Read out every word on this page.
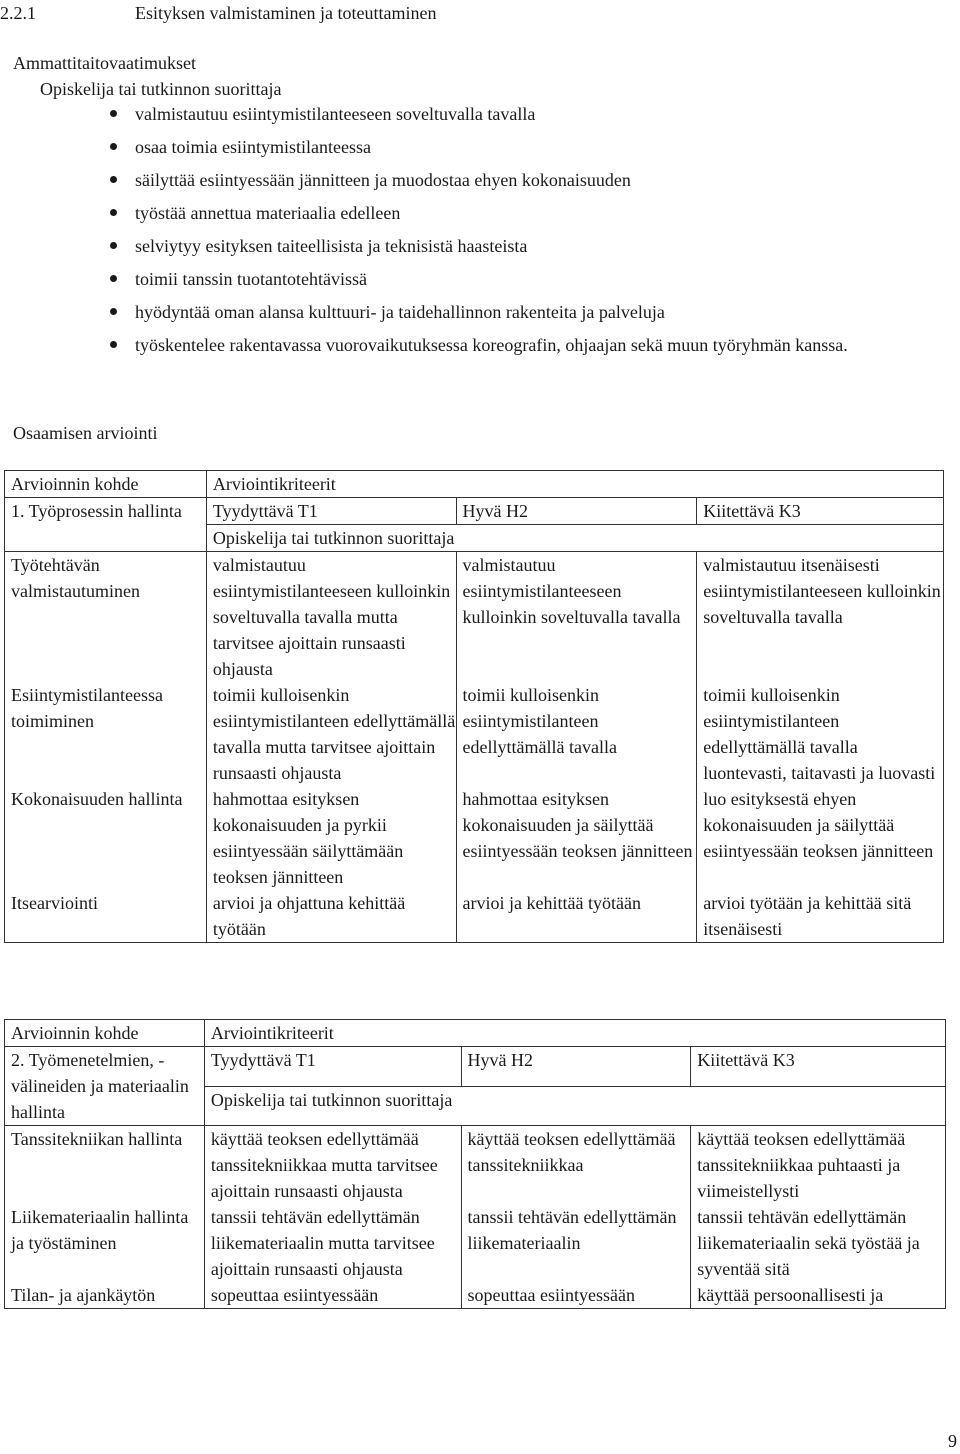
2.2.1	Esityksen valmistaminen ja toteuttaminen
Ammattitaitovaatimukset
Opiskelija tai tutkinnon suorittaja
valmistautuu esiintymistilanteeseen soveltuvalla tavalla
osaa toimia esiintymistilanteessa
säilyttää esiintyessään jännitteen ja muodostaa ehyen kokonaisuuden
työstää annettua materiaalia edelleen
selviytyy esityksen taiteellisista ja teknisistä haasteista
toimii tanssin tuotantotehtävissä
hyödyntää oman alansa kulttuuri- ja taidehallinnon rakenteita ja palveluja
työskentelee rakentavassa vuorovaikutuksessa koreografin, ohjaajan sekä muun työryhmän kanssa.
Osaamisen arviointi
Arvioinnin kohde	Arviointikriteerit		
1. Työprosessin hallinta	Tyydyttävä T1	Hyvä H2	Kiitettävä K3
	Opiskelija tai tutkinnon suorittaja		
Työtehtävän valmistautuminen	valmistautuu esiintymistilanteeseen kulloinkin soveltuvalla tavalla mutta tarvitsee ajoittain runsaasti ohjausta	valmistautuu esiintymistilanteeseen kulloinkin soveltuvalla tavalla	valmistautuu itsenäisesti esiintymistilanteeseen kulloinkin soveltuvalla tavalla
Esiintymistilanteessa toimiminen	toimii kulloisenkin esiintymistilanteen edellyttämällä tavalla mutta tarvitsee ajoittain runsaasti ohjausta	toimii kulloisenkin esiintymistilanteen edellyttämällä tavalla	toimii kulloisenkin esiintymistilanteen edellyttämällä tavalla luontevasti, taitavasti ja luovasti
Kokonaisuuden hallinta	hahmottaa esityksen kokonaisuuden ja pyrkii esiintyessään säilyttämään teoksen jännitteen	hahmottaa esityksen kokonaisuuden ja säilyttää esiintyessään teoksen jännitteen	luo esityksestä ehyen kokonaisuuden ja säilyttää esiintyessään teoksen jännitteen
Itsearviointi	arvioi ja ohjattuna kehittää työtään	arvioi ja kehittää työtään	arvioi työtään ja kehittää sitä itsenäisesti
Arvioinnin kohde	Arviointikriteerit		
2. Työmenetelmien, -välineiden ja materiaalin hallinta	Tyydyttävä T1	Hyvä H2	Kiitettävä K3
	Opiskelija tai tutkinnon suorittaja		
Tanssitekniikan hallinta	käyttää teoksen edellyttämää tanssitekniikkaa mutta tarvitsee ajoittain runsaasti ohjausta	käyttää teoksen edellyttämää tanssitekniikkaa	käyttää teoksen edellyttämää tanssitekniikkaa puhtaasti ja viimeistellysti
Liikemateriaalin hallinta ja työstäminen	tanssii tehtävän edellyttämän liikemateriaalin mutta tarvitsee ajoittain runsaasti ohjausta	tanssii tehtävän edellyttämän liikemateriaalin	tanssii tehtävän edellyttämän liikemateriaalin sekä työstää ja syventää sitä
Tilan- ja ajankäytön	sopeuttaa esiintyessään	sopeuttaa esiintyessään	käyttää persoonallisesti ja
9
